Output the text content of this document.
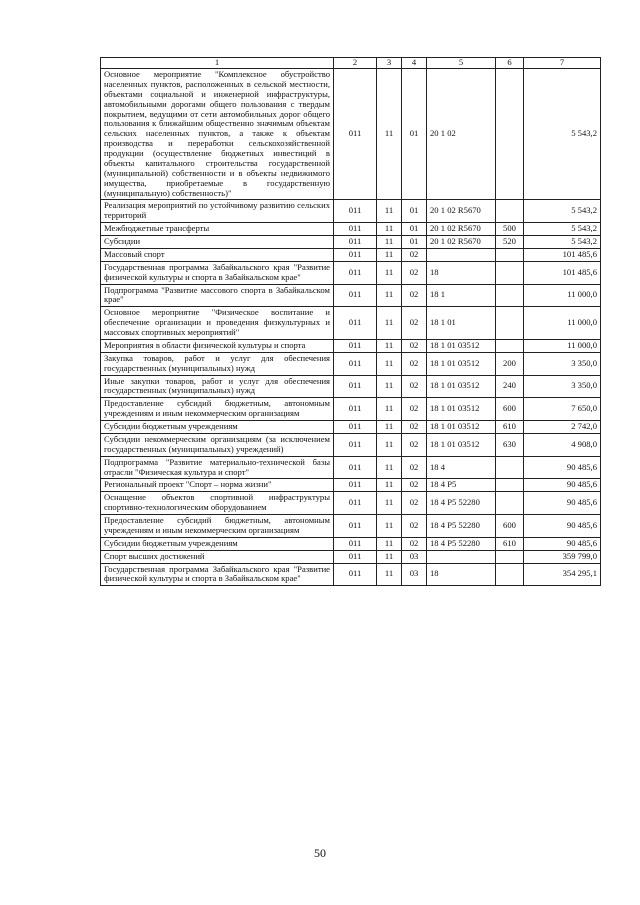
1	2	3	4	5	6	7
Основное мероприятие "Комплексное обустройство населенных пунктов, расположенных в сельской местности, объектами социальной и инженерной инфраструктуры, автомобильными дорогами общего пользования с твердым покрытием, ведущими от сети автомобильных дорог общего пользования к ближайшим общественно значимым объектам сельских населенных пунктов, а также к объектам производства и переработки сельскохозяйственной продукции (осуществление бюджетных инвестиций в объекты капитального строительства государственной (муниципальной) собственности и в объекты недвижимого имущества, приобретаемые в государственную (муниципальную) собственность)"	011	11	01	20 1 02		5 543,2
Реализация мероприятий по устойчивому развитию сельских территорий	011	11	01	20 1 02 R5670		5 543,2
Межбюджетные трансферты	011	11	01	20 1 02 R5670	500	5 543,2
Субсидии	011	11	01	20 1 02 R5670	520	5 543,2
Массовый спорт	011	11	02			101 485,6
Государственная программа Забайкальского края "Развитие физической культуры и спорта в Забайкальском крае"	011	11	02	18		101 485,6
Подпрограмма "Развитие массового спорта в Забайкальском крае"	011	11	02	18 1		11 000,0
Основное мероприятие "Физическое воспитание и обеспечение организации и проведения физкультурных и массовых спортивных мероприятий"	011	11	02	18 1 01		11 000,0
Мероприятия в области физической культуры и спорта	011	11	02	18 1 01 03512		11 000,0
Закупка товаров, работ и услуг для обеспечения государственных (муниципальных) нужд	011	11	02	18 1 01 03512	200	3 350,0
Иные закупки товаров, работ и услуг для обеспечения государственных (муниципальных) нужд	011	11	02	18 1 01 03512	240	3 350,0
Предоставление субсидий бюджетным, автономным учреждениям и иным некоммерческим организациям	011	11	02	18 1 01 03512	600	7 650,0
Субсидии бюджетным учреждениям	011	11	02	18 1 01 03512	610	2 742,0
Субсидии некоммерческим организациям (за исключением государственных (муниципальных) учреждений)	011	11	02	18 1 01 03512	630	4 908,0
Подпрограмма "Развитие материально-технической базы отрасли "Физическая культура и спорт"	011	11	02	18 4		90 485,6
Региональный проект "Спорт – норма жизни"	011	11	02	18 4 P5		90 485,6
Оснащение объектов спортивной инфраструктуры спортивно-технологическим оборудованием	011	11	02	18 4 P5 52280		90 485,6
Предоставление субсидий бюджетным, автономным учреждениям и иным некоммерческим организациям	011	11	02	18 4 P5 52280	600	90 485,6
Субсидии бюджетным учреждениям	011	11	02	18 4 P5 52280	610	90 485,6
Спорт высших достижений	011	11	03			359 799,0
Государственная программа Забайкальского края "Развитие физической культуры и спорта в Забайкальском крае"	011	11	03	18		354 295,1
50
